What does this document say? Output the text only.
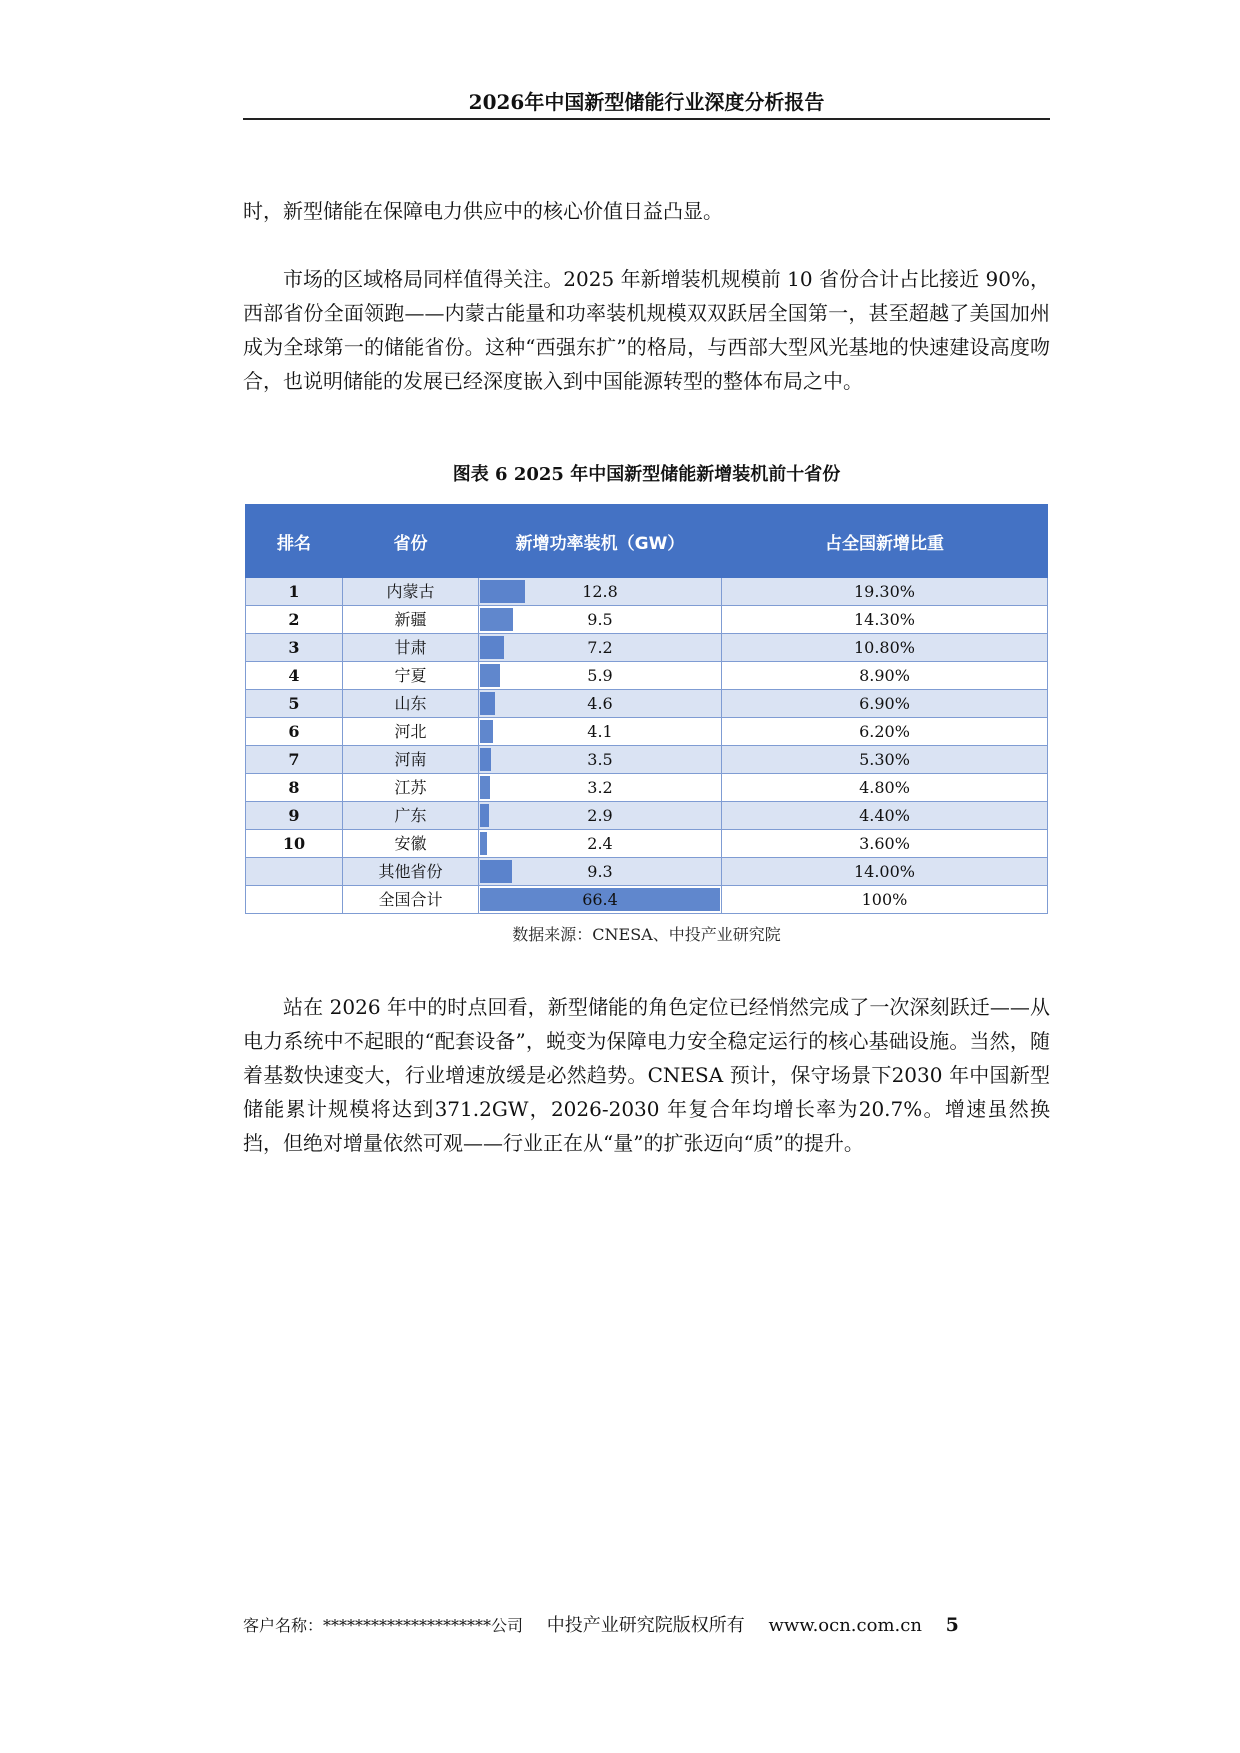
2026年中国新型储能行业深度分析报告

时，新型储能在保障电力供应中的核心价值日益凸显。

市场的区域格局同样值得关注。2025 年新增装机规模前 10 省份合计占比接近 90%，西部省份全面领跑——内蒙古能量和功率装机规模双双跃居全国第一，甚至超越了美国加州成为全球第一的储能省份。这种“西强东扩”的格局，与西部大型风光基地的快速建设高度吻合，也说明储能的发展已经深度嵌入到中国能源转型的整体布局之中。

图表 6 2025 年中国新型储能新增装机前十省份
排名	省份	新增功率装机（GW）	占全国新增比重
1	内蒙古	12.8	19.30%
2	新疆	9.5	14.30%
3	甘肃	7.2	10.80%
4	宁夏	5.9	8.90%
5	山东	4.6	6.90%
6	河北	4.1	6.20%
7	河南	3.5	5.30%
8	江苏	3.2	4.80%
9	广东	2.9	4.40%
10	安徽	2.4	3.60%
	其他省份	9.3	14.00%
	全国合计	66.4	100%
数据来源：CNESA、中投产业研究院

站在 2026 年中的时点回看，新型储能的角色定位已经悄然完成了一次深刻跃迁——从电力系统中不起眼的“配套设备”，蜕变为保障电力安全稳定运行的核心基础设施。当然，随着基数快速变大，行业增速放缓是必然趋势。CNESA 预计，保守场景下2030 年中国新型储能累计规模将达到371.2GW，2026-2030 年复合年均增长率为20.7%。增速虽然换挡，但绝对增量依然可观——行业正在从“量”的扩张迈向“质”的提升。

客户名称：*********************公司 中投产业研究院版权所有 www.ocn.com.cn 5
